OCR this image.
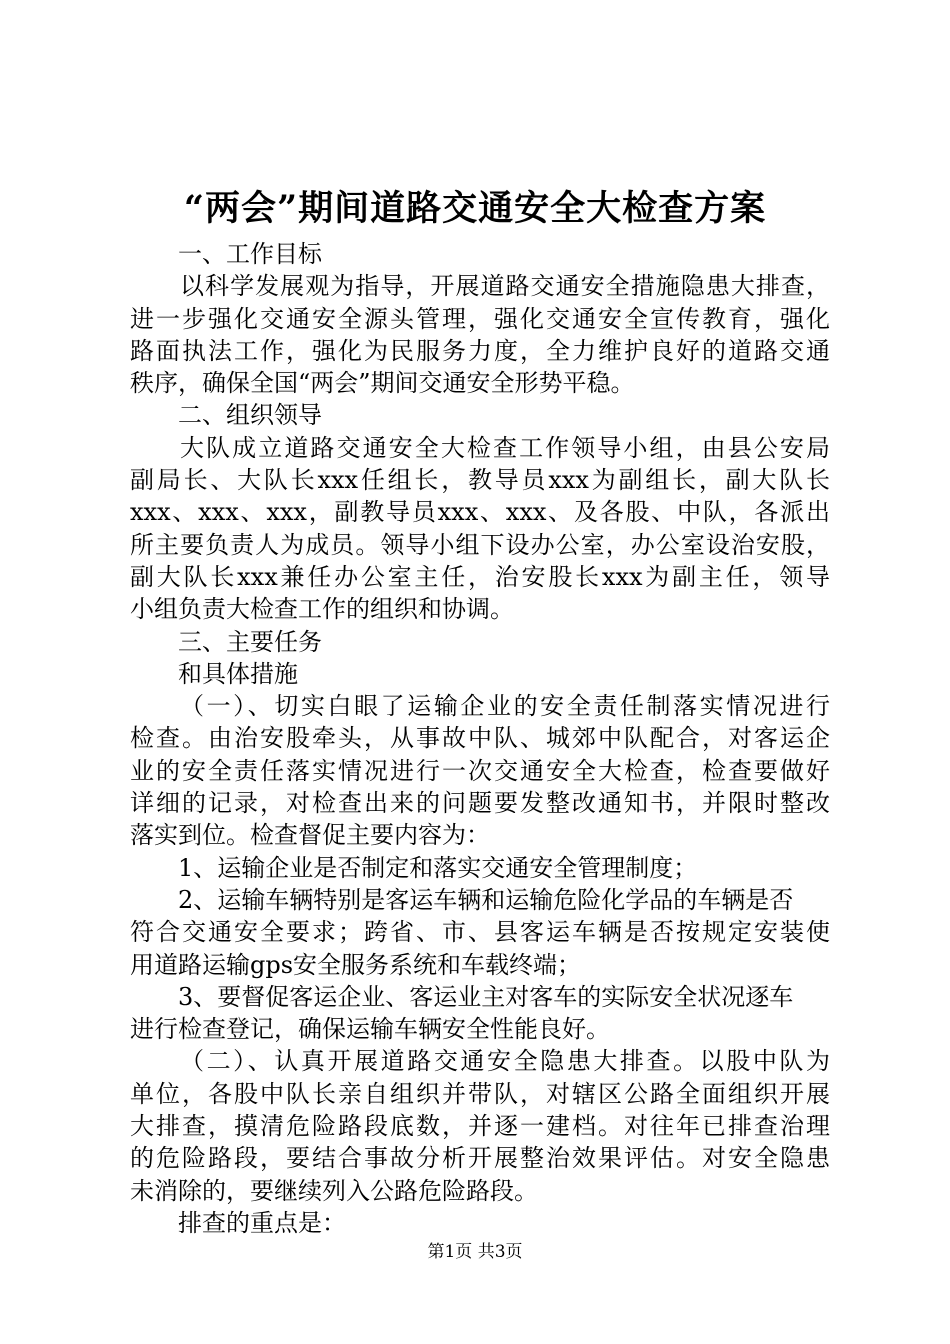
“两会”期间道路交通安全大检查方案
一、工作目标
以科学发展观为指导，开展道路交通安全措施隐患大排查，
进一步强化交通安全源头管理，强化交通安全宣传教育，强化
路面执法工作，强化为民服务力度，全力维护良好的道路交通
秩序，确保全国“两会”期间交通安全形势平稳。
二、组织领导
大队成立道路交通安全大检查工作领导小组，由县公安局
副局长、大队长xxx任组长，教导员xxx为副组长，副大队长
xxx、xxx、xxx，副教导员xxx、xxx、及各股、中队，各派出
所主要负责人为成员。领导小组下设办公室，办公室设治安股，
副大队长xxx兼任办公室主任，治安股长xxx为副主任，领导
小组负责大检查工作的组织和协调。
三、主要任务
和具体措施
（一）、切实白眼了运输企业的安全责任制落实情况进行
检查。由治安股牵头，从事故中队、城郊中队配合，对客运企
业的安全责任落实情况进行一次交通安全大检查，检查要做好
详细的记录，对检查出来的问题要发整改通知书，并限时整改
落实到位。检查督促主要内容为：
1、运输企业是否制定和落实交通安全管理制度；
2、运输车辆特别是客运车辆和运输危险化学品的车辆是否
符合交通安全要求；跨省、市、县客运车辆是否按规定安装使
用道路运输gps安全服务系统和车载终端；
3、要督促客运企业、客运业主对客车的实际安全状况逐车
进行检查登记，确保运输车辆安全性能良好。
（二）、认真开展道路交通安全隐患大排查。以股中队为
单位，各股中队长亲自组织并带队，对辖区公路全面组织开展
大排查，摸清危险路段底数，并逐一建档。对往年已排查治理
的危险路段，要结合事故分析开展整治效果评估。对安全隐患
未消除的，要继续列入公路危险路段。
排查的重点是：
第1页 共3页
